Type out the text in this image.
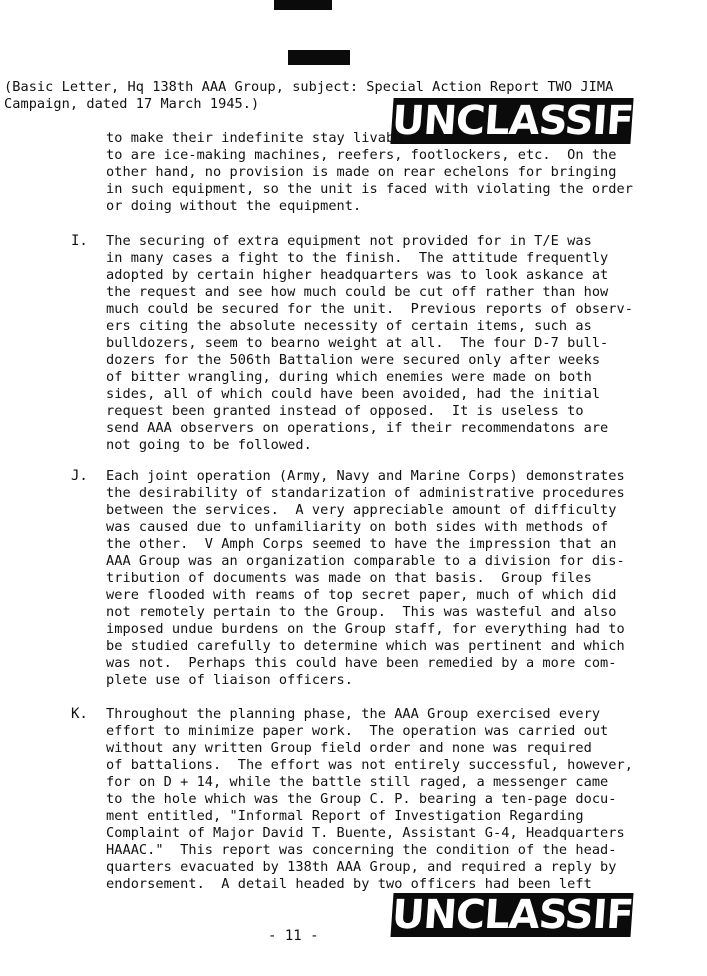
(Basic Letter, Hq 138th AAA Group, subject: Special Action Report TWO JIMA
Campaign, dated 17 March 1945.)	UNCLASSIFIED
to make their indefinite stay livable
to are ice-making machines, reefers, footlockers, etc.  On the
other hand, no provision is made on rear echelons for bringing
in such equipment, so the unit is faced with violating the order
or doing without the equipment.
I. The securing of extra equipment not provided for in T/E was
in many cases a fight to the finish.  The attitude frequently
adopted by certain higher headquarters was to look askance at
the request and see how much could be cut off rather than how
much could be secured for the unit.  Previous reports of observ-
ers citing the absolute necessity of certain items, such as
bulldozers, seem to bearno weight at all.  The four D-7 bull-
dozers for the 506th Battalion were secured only after weeks
of bitter wrangling, during which enemies were made on both
sides, all of which could have been avoided, had the initial
request been granted instead of opposed.  It is useless to
send AAA observers on operations, if their recommendatons are
not going to be followed.
J. Each joint operation (Army, Navy and Marine Corps) demonstrates
the desirability of standarization of administrative procedures
between the services.  A very appreciable amount of difficulty
was caused due to unfamiliarity on both sides with methods of
the other.  V Amph Corps seemed to have the impression that an
AAA Group was an organization comparable to a division for dis-
tribution of documents was made on that basis.  Group files
were flooded with reams of top secret paper, much of which did
not remotely pertain to the Group.  This was wasteful and also
imposed undue burdens on the Group staff, for everything had to
be studied carefully to determine which was pertinent and which
was not.  Perhaps this could have been remedied by a more com-
plete use of liaison officers.
K. Throughout the planning phase, the AAA Group exercised every
effort to minimize paper work.  The operation was carried out
without any written Group field order and none was required
of battalions.  The effort was not entirely successful, however,
for on D + 14, while the battle still raged, a messenger came
to the hole which was the Group C. P. bearing a ten-page docu-
ment entitled, "Informal Report of Investigation Regarding
Complaint of Major David T. Buente, Assistant G-4, Headquarters
HAAAC."  This report was concerning the condition of the head-
quarters evacuated by 138th AAA Group, and required a reply by
endorsement.  A detail headed by two officers had been left
UNCLASSIFIED
- 11 -
